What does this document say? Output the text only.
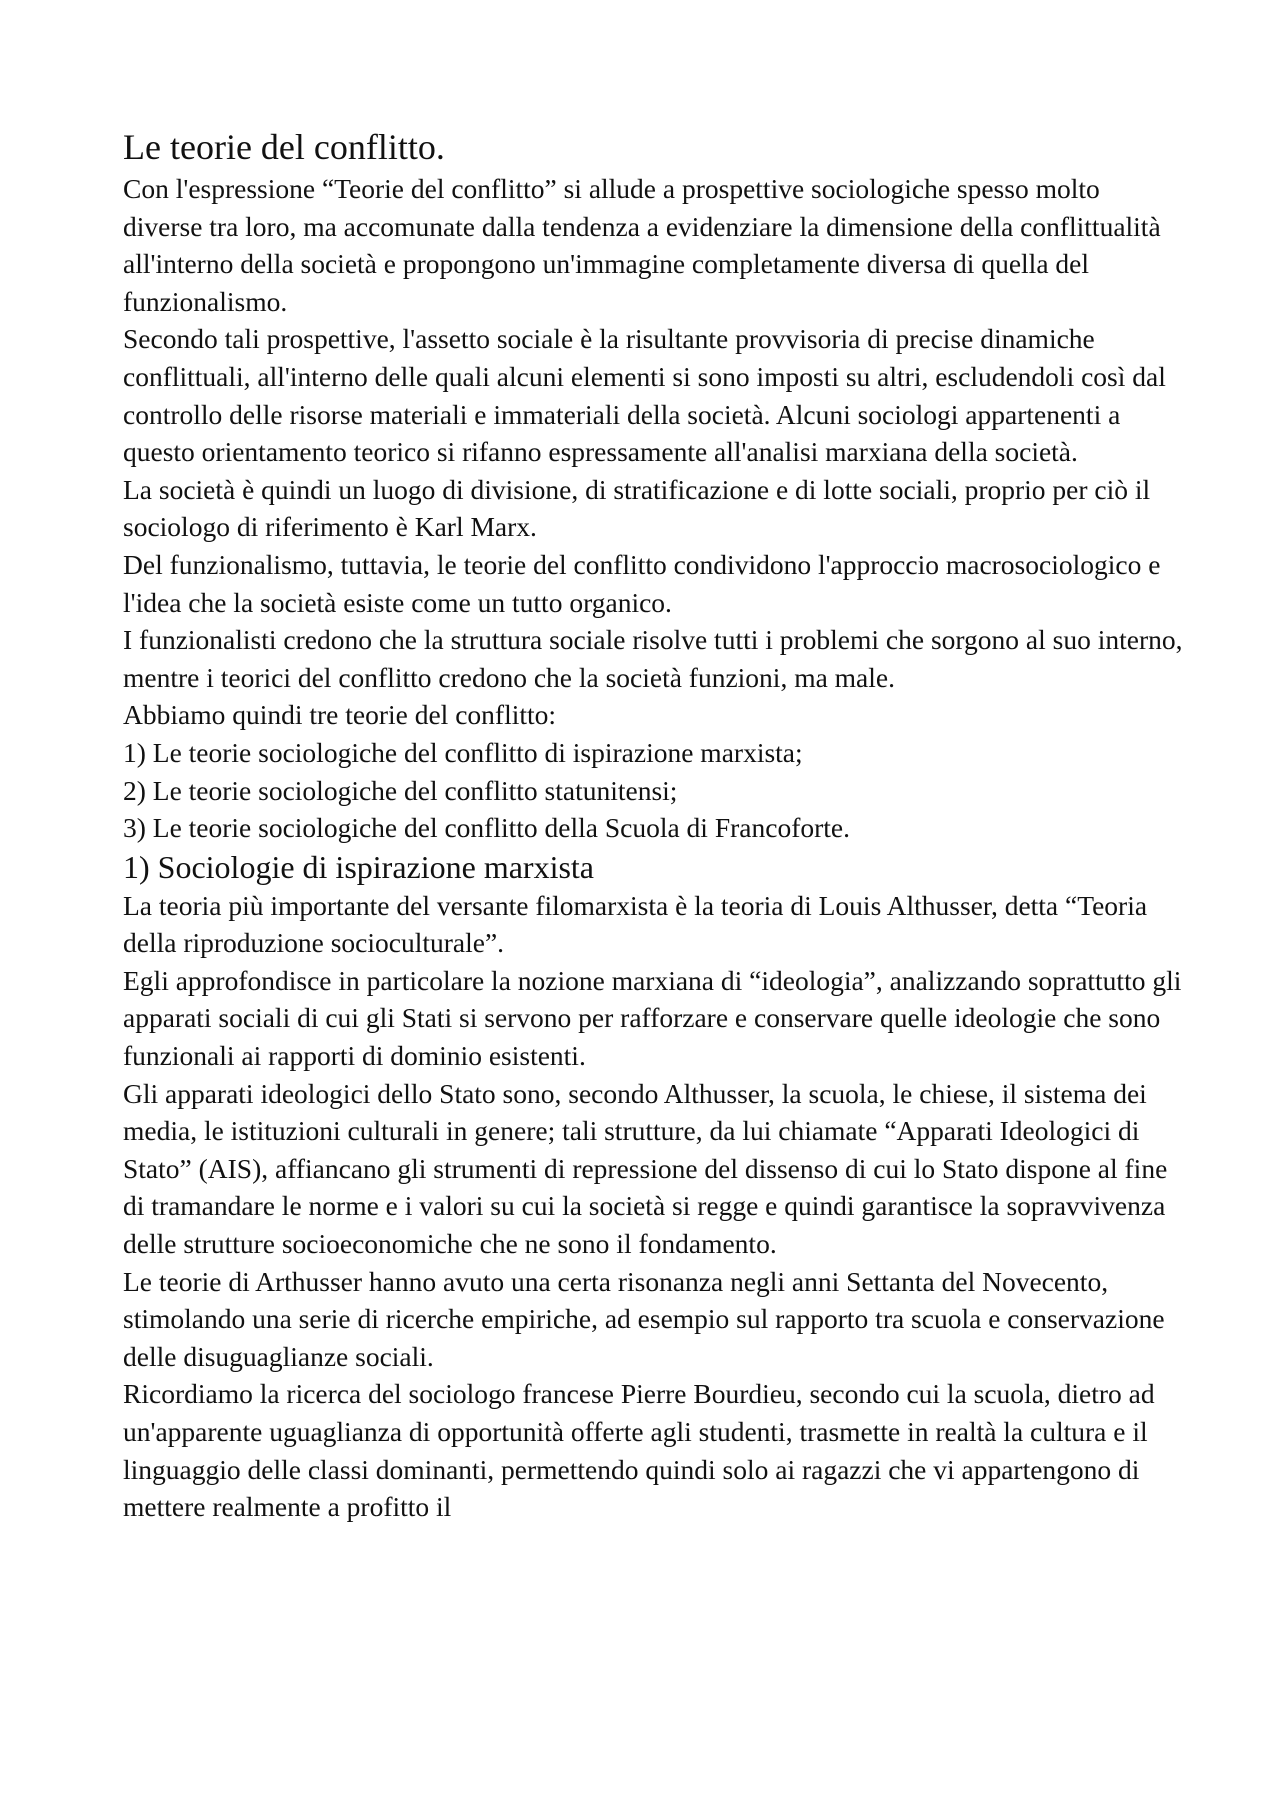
Le teorie del conflitto.

Con l'espressione “Teorie del conflitto” si allude a prospettive sociologiche spesso molto diverse tra loro, ma accomunate dalla tendenza a evidenziare la dimensione della conflittualità all'interno della società e propongono un'immagine completamente diversa di quella del funzionalismo.

Secondo tali prospettive, l'assetto sociale è la risultante provvisoria di precise dinamiche conflittuali, all'interno delle quali alcuni elementi si sono imposti su altri, escludendoli così dal controllo delle risorse materiali e immateriali della società. Alcuni sociologi appartenenti a questo orientamento teorico si rifanno espressamente all'analisi marxiana della società.

La società è quindi un luogo di divisione, di stratificazione e di lotte sociali, proprio per ciò il sociologo di riferimento è Karl Marx.

Del funzionalismo, tuttavia, le teorie del conflitto condividono l'approccio macrosociologico e l'idea che la società esiste come un tutto organico.

I funzionalisti credono che la struttura sociale risolve tutti i problemi che sorgono al suo interno, mentre i teorici del conflitto credono che la società funzioni, ma male.

Abbiamo quindi tre teorie del conflitto:

1) Le teorie sociologiche del conflitto di ispirazione marxista;

2) Le teorie sociologiche del conflitto statunitensi;

3) Le teorie sociologiche del conflitto della Scuola di Francoforte.

1) Sociologie di ispirazione marxista

La teoria più importante del versante filomarxista è la teoria di Louis Althusser, detta “Teoria della riproduzione socioculturale”.

Egli approfondisce in particolare la nozione marxiana di “ideologia”, analizzando soprattutto gli apparati sociali di cui gli Stati si servono per rafforzare e conservare quelle ideologie che sono funzionali ai rapporti di dominio esistenti.

Gli apparati ideologici dello Stato sono, secondo Althusser, la scuola, le chiese, il sistema dei media, le istituzioni culturali in genere; tali strutture, da lui chiamate “Apparati Ideologici di Stato” (AIS), affiancano gli strumenti di repressione del dissenso di cui lo Stato dispone al fine di tramandare le norme e i valori su cui la società si regge e quindi garantisce la sopravvivenza delle strutture socioeconomiche che ne sono il fondamento.

Le teorie di Arthusser hanno avuto una certa risonanza negli anni Settanta del Novecento, stimolando una serie di ricerche empiriche, ad esempio sul rapporto tra scuola e conservazione delle disuguaglianze sociali.

Ricordiamo la ricerca del sociologo francese Pierre Bourdieu, secondo cui la scuola, dietro ad un'apparente uguaglianza di opportunità offerte agli studenti, trasmette in realtà la cultura e il linguaggio delle classi dominanti, permettendo quindi solo ai ragazzi che vi appartengono di mettere realmente a profitto il
